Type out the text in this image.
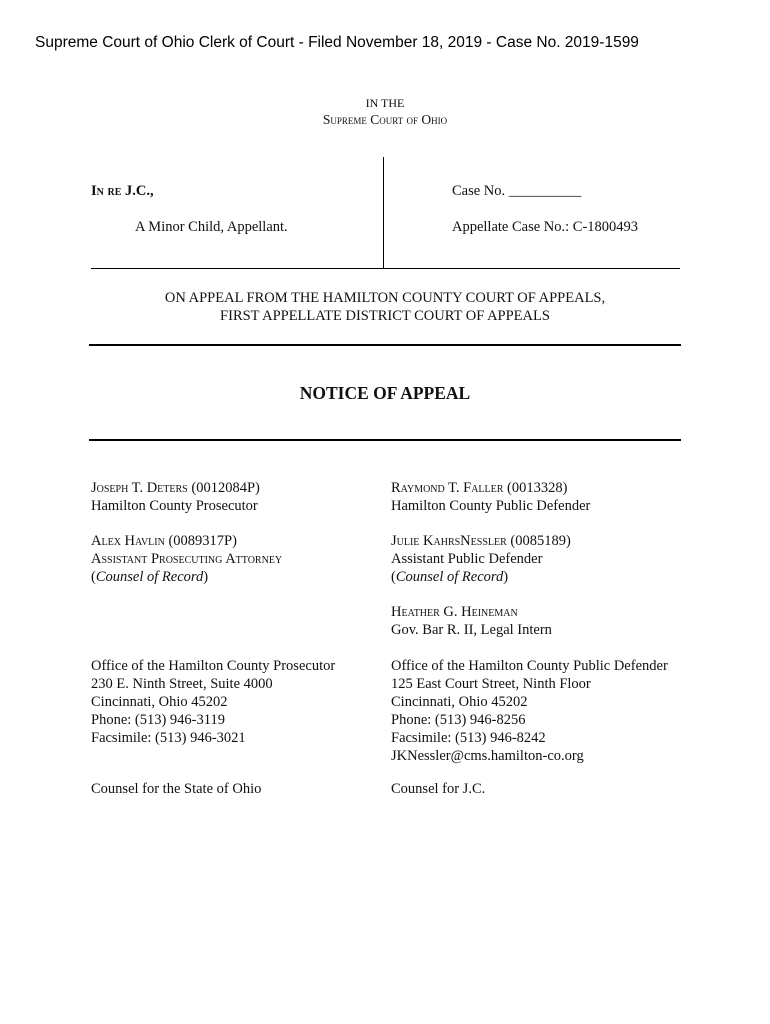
Supreme Court of Ohio Clerk of Court - Filed November 18, 2019 - Case No. 2019-1599
IN THE
Supreme Court of Ohio
In re J.C.,
A Minor Child, Appellant.
Case No. __________
Appellate Case No.: C-1800493
ON APPEAL FROM THE HAMILTON COUNTY COURT OF APPEALS,
FIRST APPELLATE DISTRICT COURT OF APPEALS
NOTICE OF APPEAL
Joseph T. Deters (0012084P)
Hamilton County Prosecutor
Alex Havlin (0089317P)
Assistant Prosecuting Attorney
(Counsel of Record)
Office of the Hamilton County Prosecutor
230 E. Ninth Street, Suite 4000
Cincinnati, Ohio 45202
Phone: (513) 946-3119
Facsimile: (513) 946-3021
Counsel for the State of Ohio
Raymond T. Faller (0013328)
Hamilton County Public Defender
Julie KahrsNessler (0085189)
Assistant Public Defender
(Counsel of Record)
Heather G. Heineman
Gov. Bar R. II, Legal Intern
Office of the Hamilton County Public Defender
125 East Court Street, Ninth Floor
Cincinnati, Ohio 45202
Phone: (513) 946-8256
Facsimile: (513) 946-8242
JKNessler@cms.hamilton-co.org
Counsel for J.C.
